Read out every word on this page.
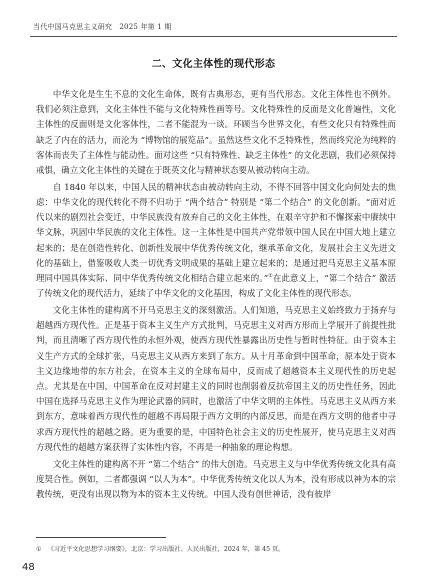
当代中国马克思主义研究　2025 年第 1 期
二、文化主体性的现代形态

中华文化是生生不息的文化生命体，既有古典形态，更有当代形态。文化主体性也不例外。我们必须注意到，文化主体性不能与文化特殊性画等号。文化特殊性的反面是文化普遍性，文化主体性的反面则是文化客体性，二者不能混为一谈。环顾当今世界文化，有些文化只有特殊性而缺乏了内在的活力，而沦为 “博物馆的展览品”。虽然这些文化不乏特殊性，然而终究沦为纯粹的客体而丧失了主体性与能动性。面对这些 “只有特殊性、缺乏主体性” 的文化悲剧，我们必须保持戒惧，确立文化主体性的关键在于既英文化与精神状态要从被动转向主动。

自 1840 年以来，中国人民的精神状态由被动转向主动，不得不回答中国文化向何处去的焦虑：中华文化的现代转化不得不归功于 “两个结合” 特别是 “第二个结合” 的文化创新。“面对近代以来的剧烈社会变迁，中华民族没有放弃自己的文化主体性，在艰辛守护和不懈探索中赓续中华文脉，巩固中华民族的文化主体性。这一主体性是中国共产党带领中国人民在中国大地上建立起来的；是在创造性转化、创新性发展中华优秀传统文化，继承革命文化，发展社会主义先进文化的基础上，借鉴吸收人类一切优秀文明成果的基础上建立起来的；是通过把马克思主义基本原理同中国具体实际、同中华优秀传统文化相结合建立起来的。”①在此意义上，“第二个结合” 激活了传统文化的现代活力，延续了中华文化的文化基因，构成了文化主体性的现代形态。

文化主体性的建构离不开马克思主义的深刻激活。人们知道，马克思主义始终致力于扬弃与超越西方现代性。正是基于资本主义生产方式批判，马克思主义对西方形而上学展开了前提性批判，而且清晰了西方现代性的永恒外观，使西方现代性暴露出历史性与暂时性特征。由于资本主义生产方式的全球扩张，马克思主义从西方来到了东方。从十月革命到中国革命，原本处于资本主义边缘地带的东方社会，在资本主义的全球布局中，反而成了超越资本主义现代性的历史起点。尤其是在中国，中国革命在反对封建主义的同时也削弱着反抗帝国主义的历史性任务，因此中国在选择马克思主义作为理论武器的同时，也激活了中华文明的主体性。马克思主义从西方来到东方，意味着西方现代性的超越不再局限于西方文明的内部反思，而是在西方文明的他者中寻求西方现代性的超越之路。更为重要的是，中国特色社会主义的历史性展开，使马克思主义对西方现代性的超越方案获得了实体性内容，不再是一种抽象的理论构想。

文化主体性的建构离不开 “第二个结合” 的伟大创造。马克思主义与中华优秀传统文化具有高度契合性。例如，二者都强调 “以人为本”。中华优秀传统文化以人为本，没有形成以神为本的宗教传统，更没有出现以物为本的资本主义传统。中国人没有创世神话，没有彼岸

① 《习近平文化思想学习纲要》，北京：学习出版社、人民出版社，2024 年，第 45 页。
48
